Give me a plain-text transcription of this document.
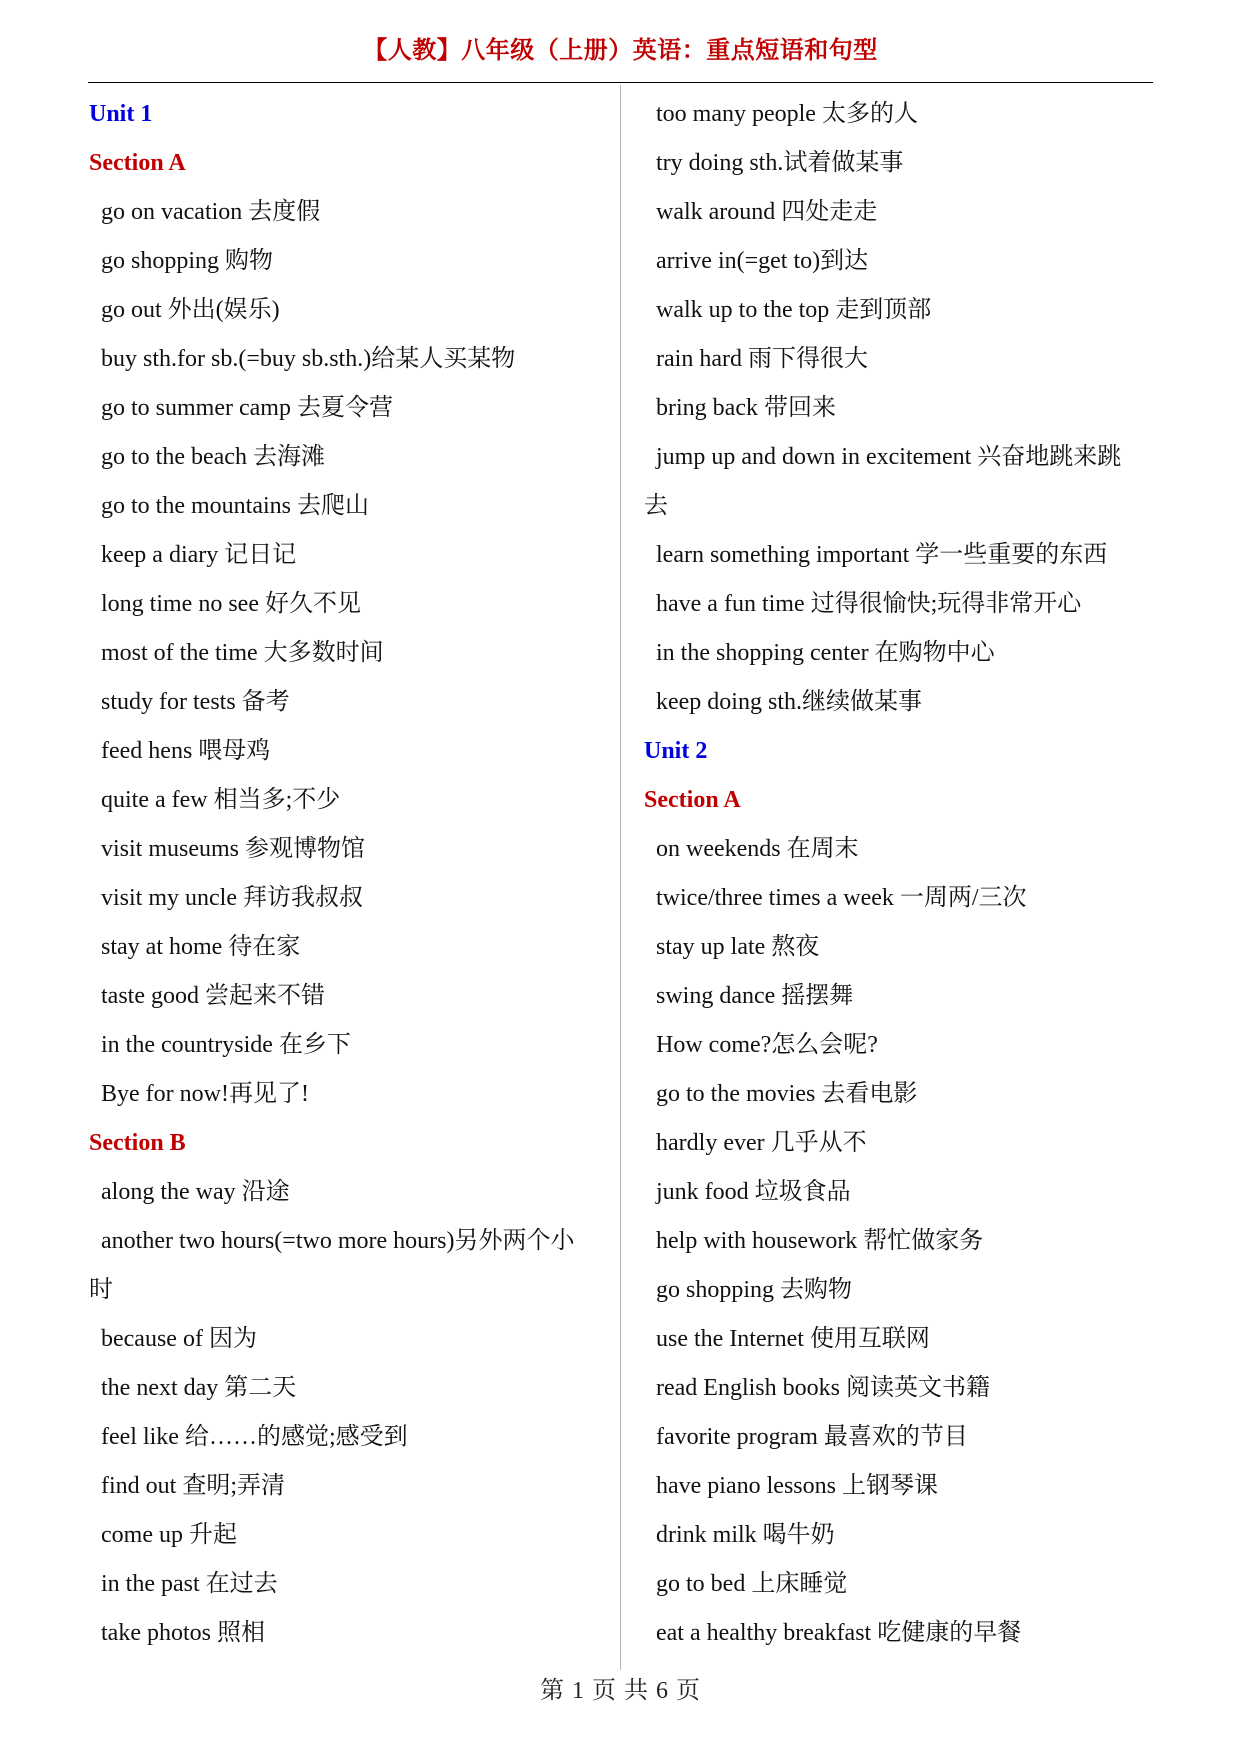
【人教】八年级（上册）英语：重点短语和句型
Unit 1
Section A
go on vacation 去度假
go shopping 购物
go out 外出(娱乐)
buy sth.for sb.(=buy sb.sth.)给某人买某物
go to summer camp 去夏令营
go to the beach 去海滩
go to the mountains 去爬山
keep a diary 记日记
long time no see 好久不见
most of the time 大多数时间
study for tests 备考
feed hens 喂母鸡
quite a few 相当多;不少
visit museums 参观博物馆
visit my uncle 拜访我叔叔
stay at home 待在家
taste good 尝起来不错
in the countryside 在乡下
Bye for now!再见了!
Section B
along the way 沿途
another two hours(=two more hours)另外两个小
时
because of 因为
the next day 第二天
feel like 给……的感觉;感受到
find out 查明;弄清
come up 升起
in the past 在过去
take photos 照相
too many people 太多的人
try doing sth.试着做某事
walk around 四处走走
arrive in(=get to)到达
walk up to the top 走到顶部
rain hard 雨下得很大
bring back 带回来
jump up and down in excitement 兴奋地跳来跳
去
learn something important 学一些重要的东西
have a fun time 过得很愉快;玩得非常开心
in the shopping center 在购物中心
keep doing sth.继续做某事
Unit 2
Section A
on weekends 在周末
twice/three times a week 一周两/三次
stay up late 熬夜
swing dance 摇摆舞
How come?怎么会呢?
go to the movies 去看电影
hardly ever 几乎从不
junk food 垃圾食品
help with housework 帮忙做家务
go shopping 去购物
use the Internet 使用互联网
read English books 阅读英文书籍
favorite program 最喜欢的节目
have piano lessons 上钢琴课
drink milk 喝牛奶
go to bed 上床睡觉
eat a healthy breakfast 吃健康的早餐
第 1 页 共 6 页
